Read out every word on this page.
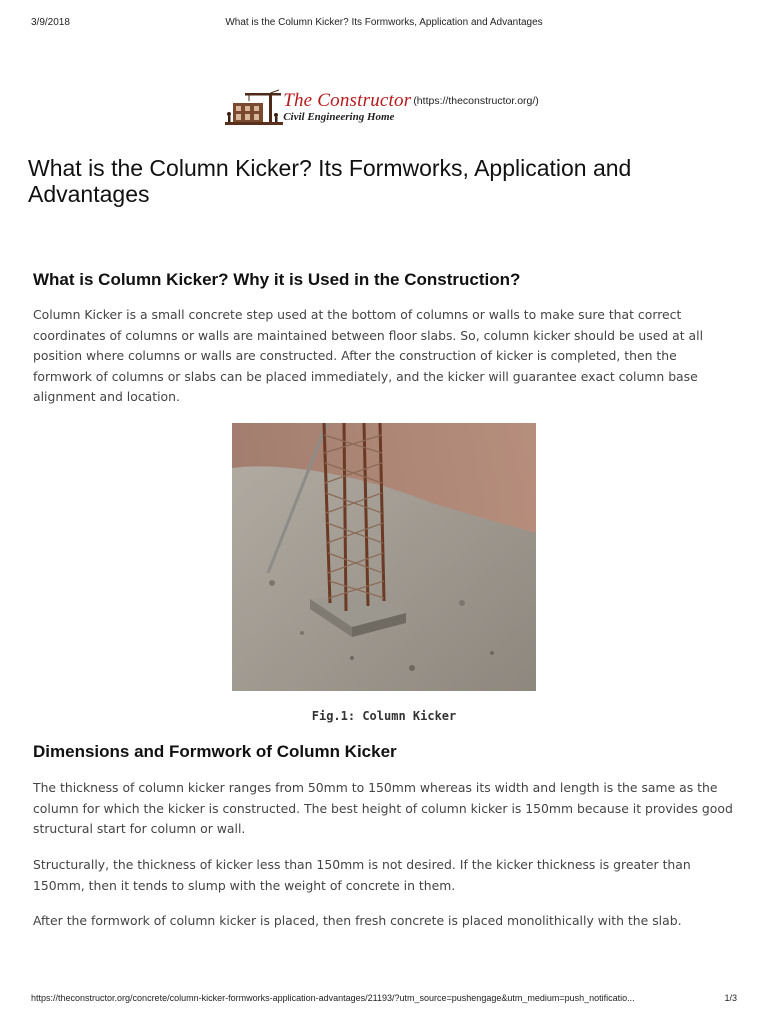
3/9/2018	What is the Column Kicker? Its Formworks, Application and Advantages
The Constructor
Civil Engineering Home
(https://theconstructor.org/)
What is the Column Kicker? Its Formworks, Application and Advantages
What is Column Kicker? Why it is Used in the Construction?

Column Kicker is a small concrete step used at the bottom of columns or walls to make sure that correct coordinates of columns or walls are maintained between floor slabs. So, column kicker should be used at all position where columns or walls are constructed. After the construction of kicker is completed, then the formwork of columns or slabs can be placed immediately, and the kicker will guarantee exact column base alignment and location.

Fig.1: Column Kicker
Dimensions and Formwork of Column Kicker

The thickness of column kicker ranges from 50mm to 150mm whereas its width and length is the same as the column for which the kicker is constructed. The best height of column kicker is 150mm because it provides good structural start for column or wall.

Structurally, the thickness of kicker less than 150mm is not desired. If the kicker thickness is greater than 150mm, then it tends to slump with the weight of concrete in them.

After the formwork of column kicker is placed, then fresh concrete is placed monolithically with the slab.

https://theconstructor.org/concrete/column-kicker-formworks-application-advantages/21193/?utm_source=pushengage&utm_medium=push_notificatio...	1/3
